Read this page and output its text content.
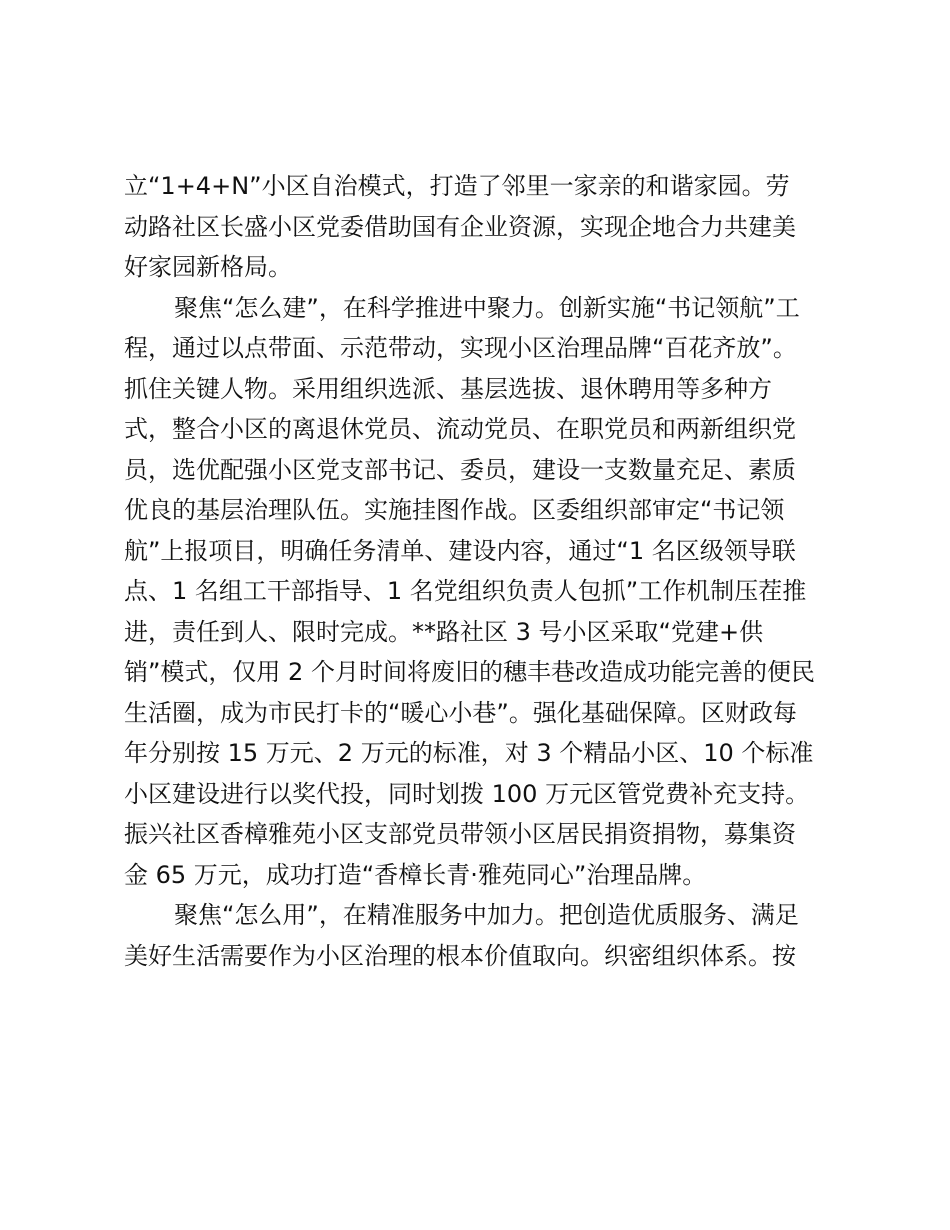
立“1+4+N”小区自治模式，打造了邻里一家亲的和谐家园。劳
动路社区长盛小区党委借助国有企业资源，实现企地合力共建美
好家园新格局。
聚焦“怎么建”，在科学推进中聚力。创新实施“书记领航”工
程，通过以点带面、示范带动，实现小区治理品牌“百花齐放”。
抓住关键人物。采用组织选派、基层选拔、退休聘用等多种方
式，整合小区的离退休党员、流动党员、在职党员和两新组织党
员，选优配强小区党支部书记、委员，建设一支数量充足、素质
优良的基层治理队伍。实施挂图作战。区委组织部审定“书记领
航”上报项目，明确任务清单、建设内容，通过“1 名区级领导联
点、1 名组工干部指导、1 名党组织负责人包抓”工作机制压茬推
进，责任到人、限时完成。**路社区 3 号小区采取“党建+供
销”模式，仅用 2 个月时间将废旧的穗丰巷改造成功能完善的便民
生活圈，成为市民打卡的“暖心小巷”。强化基础保障。区财政每
年分别按 15 万元、2 万元的标准，对 3 个精品小区、10 个标准
小区建设进行以奖代投，同时划拨 100 万元区管党费补充支持。
振兴社区香樟雅苑小区支部党员带领小区居民捐资捐物，募集资
金 65 万元，成功打造“香樟长青·雅苑同心”治理品牌。
聚焦“怎么用”，在精准服务中加力。把创造优质服务、满足
美好生活需要作为小区治理的根本价值取向。织密组织体系。按
